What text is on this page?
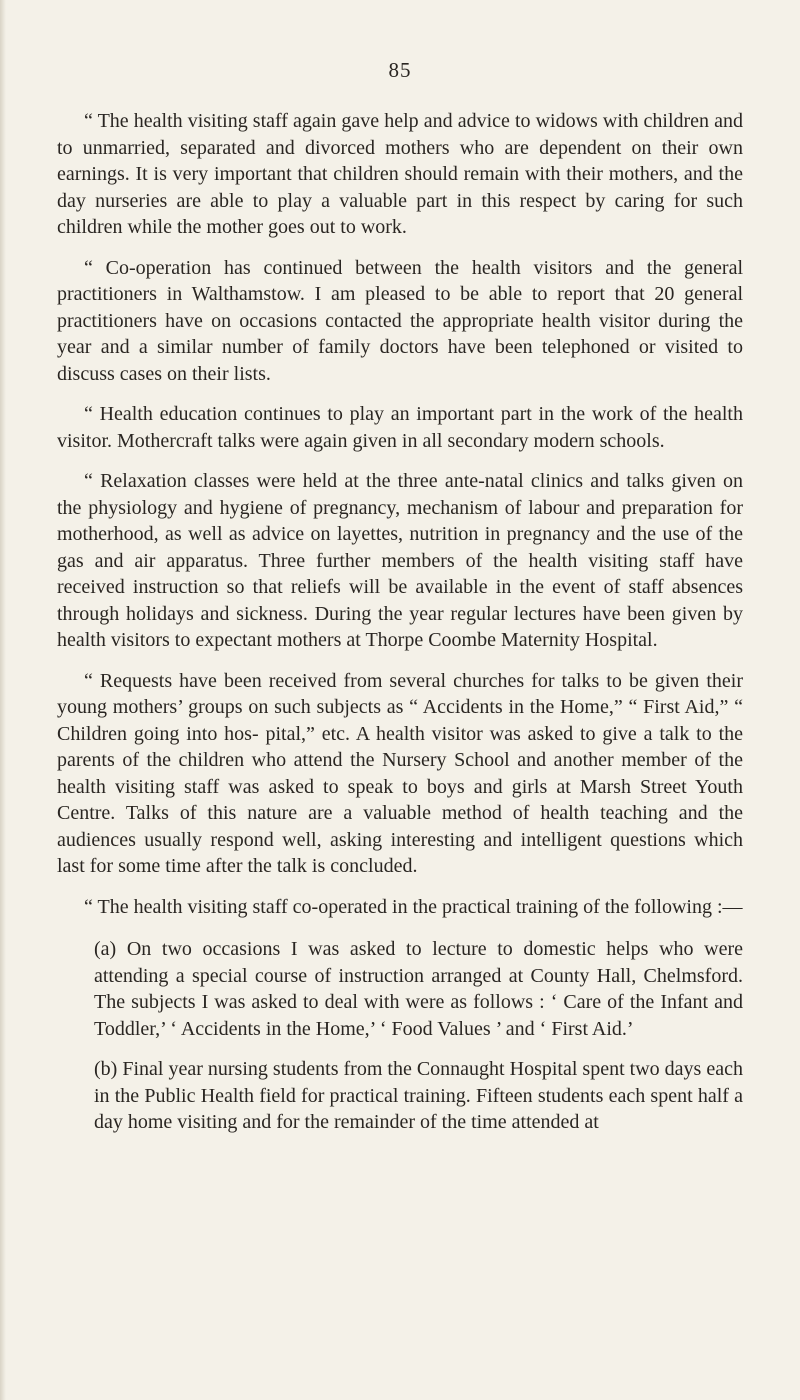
85

“ The health visiting staff again gave help and advice to widows with children and to unmarried, separated and divorced mothers who are dependent on their own earnings. It is very important that children should remain with their mothers, and the day nurseries are able to play a valuable part in this respect by caring for such children while the mother goes out to work.

“ Co-operation has continued between the health visitors and the general practitioners in Walthamstow. I am pleased to be able to report that 20 general practitioners have on occasions contacted the appropriate health visitor during the year and a similar number of family doctors have been telephoned or visited to discuss cases on their lists.

“ Health education continues to play an important part in the work of the health visitor. Mothercraft talks were again given in all secondary modern schools.

“ Relaxation classes were held at the three ante-natal clinics and talks given on the physiology and hygiene of pregnancy, mechanism of labour and preparation for motherhood, as well as advice on layettes, nutrition in pregnancy and the use of the gas and air apparatus. Three further members of the health visiting staff have received instruction so that reliefs will be available in the event of staff absences through holidays and sickness. During the year regular lectures have been given by health visitors to expectant mothers at Thorpe Coombe Maternity Hospital.

“ Requests have been received from several churches for talks to be given their young mothers’ groups on such subjects as “ Accidents in the Home,” “ First Aid,” “ Children going into hos- pital,” etc. A health visitor was asked to give a talk to the parents of the children who attend the Nursery School and another member of the health visiting staff was asked to speak to boys and girls at Marsh Street Youth Centre. Talks of this nature are a valuable method of health teaching and the audiences usually respond well, asking interesting and intelligent questions which last for some time after the talk is concluded.

“ The health visiting staff co-operated in the practical training of the following :—

(a) On two occasions I was asked to lecture to domestic helps who were attending a special course of instruction arranged at County Hall, Chelmsford. The subjects I was asked to deal with were as follows : ‘ Care of the Infant and Toddler,’ ‘ Accidents in the Home,’ ‘ Food Values ’ and ‘ First Aid.’

(b) Final year nursing students from the Connaught Hospital spent two days each in the Public Health field for practical training. Fifteen students each spent half a day home visiting and for the remainder of the time attended at
